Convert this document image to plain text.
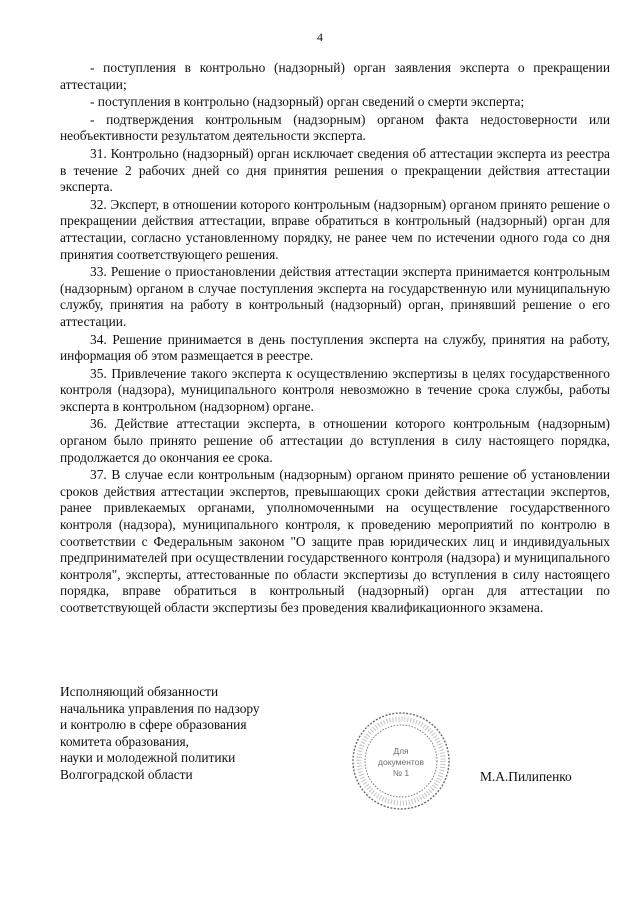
4

- поступления в контрольно (надзорный) орган заявления эксперта о прекращении аттестации;

- поступления в контрольно (надзорный) орган сведений о смерти эксперта;

- подтверждения контрольным (надзорным) органом факта недостоверности или необъективности результатом деятельности эксперта.

31. Контрольно (надзорный) орган исключает сведения об аттестации эксперта из реестра в течение 2 рабочих дней со дня принятия решения о прекращении действия аттестации эксперта.

32. Эксперт, в отношении которого контрольным (надзорным) органом принято решение о прекращении действия аттестации, вправе обратиться в контрольный (надзорный) орган для аттестации, согласно установленному порядку, не ранее чем по истечении одного года со дня принятия соответствующего решения.

33. Решение о приостановлении действия аттестации эксперта принимается контрольным (надзорным) органом в случае поступления эксперта на государственную или муниципальную службу, принятия на работу в контрольный (надзорный) орган, принявший решение о его аттестации.

34. Решение принимается в день поступления эксперта на службу, принятия на работу, информация об этом размещается в реестре.

35. Привлечение такого эксперта к осуществлению экспертизы в целях государственного контроля (надзора), муниципального контроля невозможно в течение срока службы, работы эксперта в контрольном (надзорном) органе.

36. Действие аттестации эксперта, в отношении которого контрольным (надзорным) органом было принято решение об аттестации до вступления в силу настоящего порядка, продолжается до окончания ее срока.

37. В случае если контрольным (надзорным) органом принято решение об установлении сроков действия аттестации экспертов, превышающих сроки действия аттестации экспертов, ранее привлекаемых органами, уполномоченными на осуществление государственного контроля (надзора), муниципального контроля, к проведению мероприятий по контролю в соответствии с Федеральным законом "О защите прав юридических лиц и индивидуальных предпринимателей при осуществлении государственного контроля (надзора) и муниципального контроля", эксперты, аттестованные по области экспертизы до вступления в силу настоящего порядка, вправе обратиться в контрольный (надзорный) орган для аттестации по соответствующей области экспертизы без проведения квалификационного экзамена.

Исполняющий обязанности
начальника управления по надзору
и контролю в сфере образования
комитета образования,
науки и молодежной политики
Волгоградской области
Для
документов
№ 1	М.А.Пилипенко
